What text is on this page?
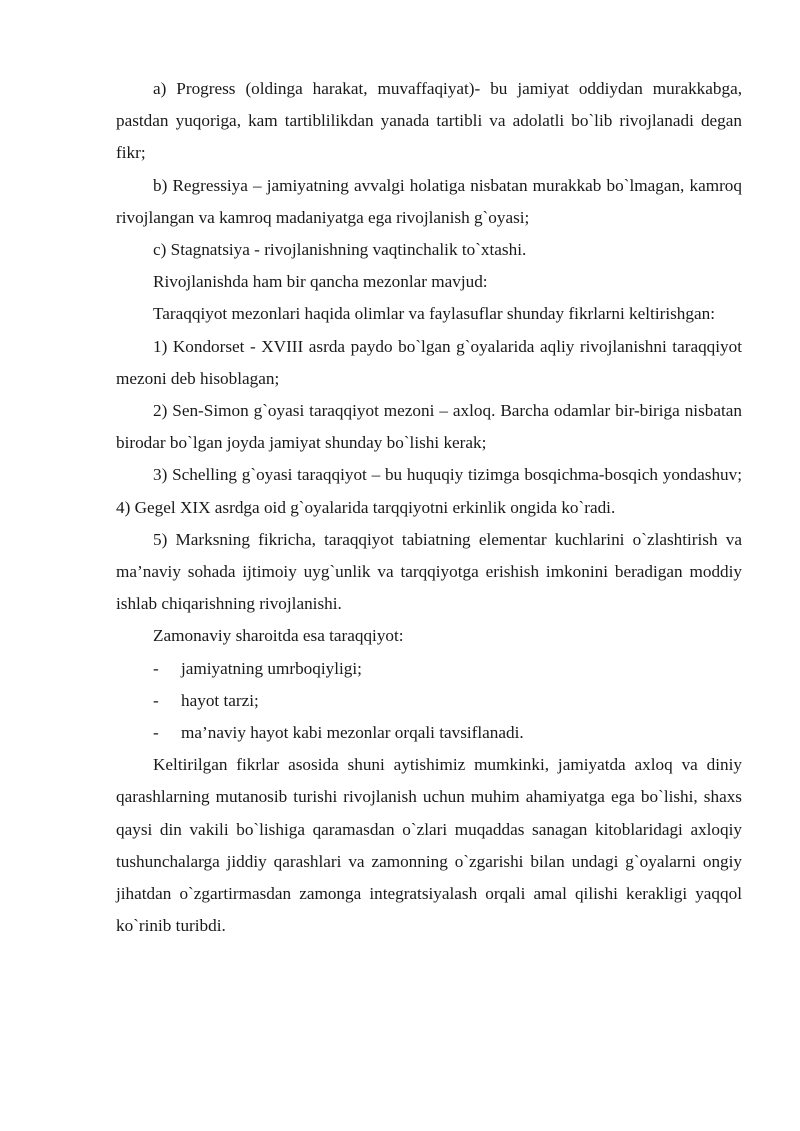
a) Progress (oldinga harakat, muvaffaqiyat)- bu jamiyat oddiydan murakkabga, pastdan yuqoriga, kam tartiblilikdan yanada tartibli va adolatli bo`lib rivojlanadi degan fikr;

b) Regressiya – jamiyatning avvalgi holatiga nisbatan murakkab bo`lmagan, kamroq rivojlangan va kamroq madaniyatga ega rivojlanish g`oyasi;

c) Stagnatsiya - rivojlanishning vaqtinchalik to`xtashi.

Rivojlanishda ham bir qancha mezonlar mavjud:

Taraqqiyot mezonlari haqida olimlar va faylasuflar shunday fikrlarni keltirishgan:

1) Kondorset - XVIII asrda paydo bo`lgan g`oyalarida aqliy rivojlanishni taraqqiyot mezoni deb hisoblagan;

2) Sen-Simon g`oyasi taraqqiyot mezoni – axloq. Barcha odamlar bir-biriga nisbatan birodar bo`lgan joyda jamiyat shunday bo`lishi kerak;

3) Schelling g`oyasi taraqqiyot – bu huquqiy tizimga bosqichma-bosqich yondashuv; 4) Gegel XIX asrdga oid g`oyalarida tarqqiyotni erkinlik ongida ko`radi.

5) Marksning fikricha, taraqqiyot tabiatning elementar kuchlarini o`zlashtirish va ma’naviy sohada ijtimoiy uyg`unlik va tarqqiyotga erishish imkonini beradigan moddiy ishlab chiqarishning rivojlanishi.

Zamonaviy sharoitda esa taraqqiyot:

-	jamiyatning umrboqiyligi;
-	hayot tarzi;
-	ma’naviy hayot kabi mezonlar orqali tavsiflanadi.

Keltirilgan fikrlar asosida shuni aytishimiz mumkinki, jamiyatda axloq va diniy qarashlarning mutanosib turishi rivojlanish uchun muhim ahamiyatga ega bo`lishi, shaxs qaysi din vakili bo`lishiga qaramasdan o`zlari muqaddas sanagan kitoblaridagi axloqiy tushunchalarga jiddiy qarashlari va zamonning o`zgarishi bilan undagi g`oyalarni ongiy jihatdan o`zgartirmasdan zamonga integratsiyalash orqali amal qilishi kerakligi yaqqol ko`rinib turibdi.
